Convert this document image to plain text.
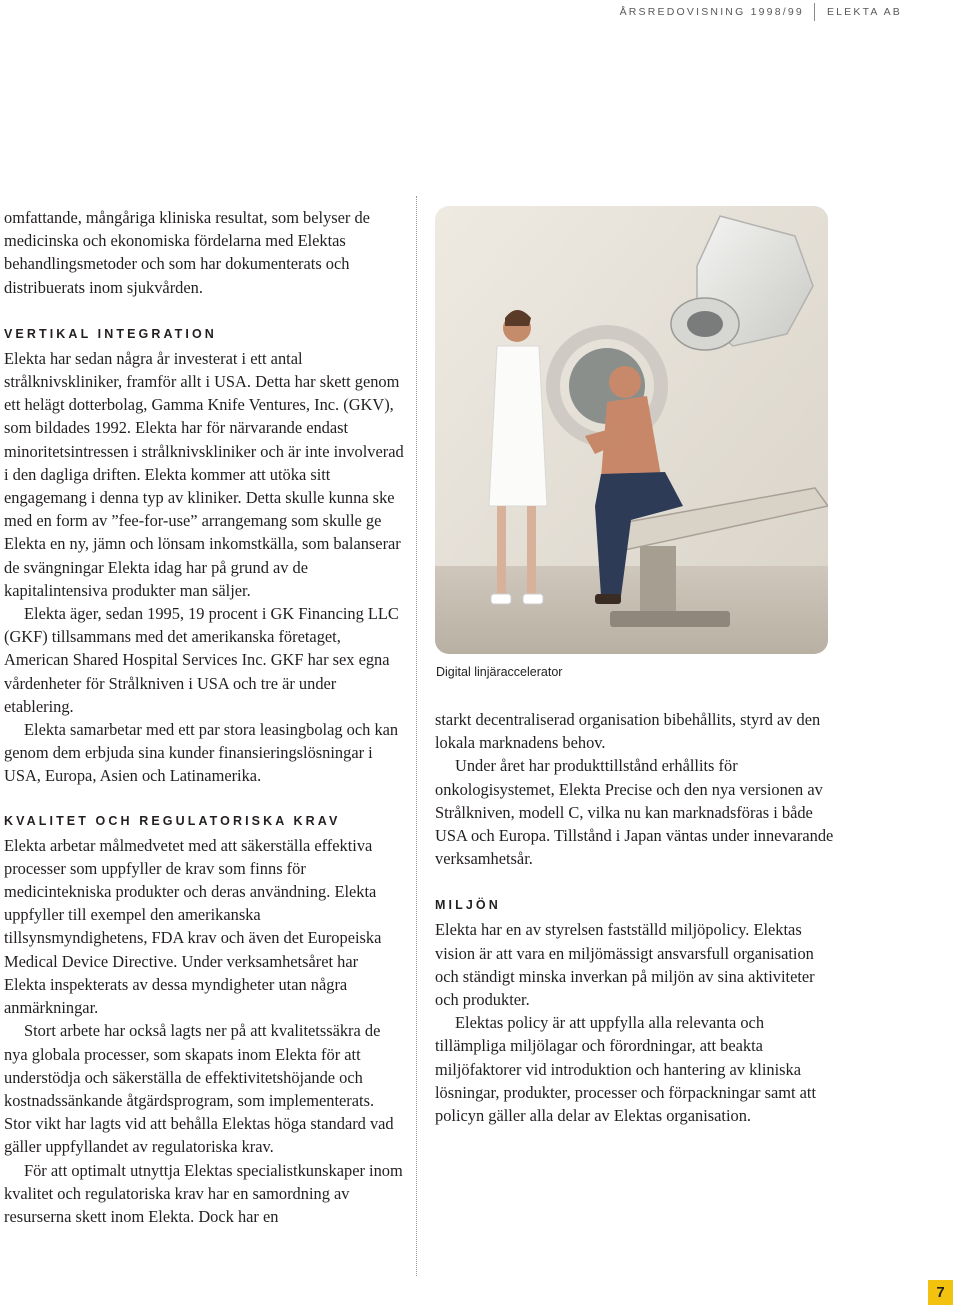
ÅRSREDOVISNING 1998/99 ELEKTA AB

omfattande, mångåriga kliniska resultat, som belyser de medicinska och ekonomiska fördelarna med Elektas behandlingsmetoder och som har dokumenterats och distribuerats inom sjukvården.

VERTIKAL INTEGRATION

Elekta har sedan några år investerat i ett antal strålknivskliniker, framför allt i USA. Detta har skett genom ett helägt dotterbolag, Gamma Knife Ventures, Inc. (GKV), som bildades 1992. Elekta har för närvarande endast minoritetsintressen i strålknivskliniker och är inte involverad i den dagliga driften. Elekta kommer att utöka sitt engagemang i denna typ av kliniker. Detta skulle kunna ske med en form av ”fee-for-use” arrangemang som skulle ge Elekta en ny, jämn och lönsam inkomstkälla, som balanserar de svängningar Elekta idag har på grund av de kapitalintensiva produkter man säljer.

Elekta äger, sedan 1995, 19 procent i GK Financing LLC (GKF) tillsammans med det amerikanska företaget, American Shared Hospital Services Inc. GKF har sex egna vårdenheter för Strålkniven i USA och tre är under etablering.

Elekta samarbetar med ett par stora leasingbolag och kan genom dem erbjuda sina kunder finansieringslösningar i USA, Europa, Asien och Latinamerika.

KVALITET OCH REGULATORISKA KRAV

Elekta arbetar målmedvetet med att säkerställa effektiva processer som uppfyller de krav som finns för medicintekniska produkter och deras användning. Elekta uppfyller till exempel den amerikanska tillsynsmyndighetens, FDA krav och även det Europeiska Medical Device Directive. Under verksamhetsåret har Elekta inspekterats av dessa myndigheter utan några anmärkningar.

Stort arbete har också lagts ner på att kvalitetssäkra de nya globala processer, som skapats inom Elekta för att understödja och säkerställa de effektivitetshöjande och kostnadssänkande åtgärdsprogram, som implementerats. Stor vikt har lagts vid att behålla Elektas höga standard vad gäller uppfyllandet av regulatoriska krav.

För att optimalt utnyttja Elektas specialistkunskaper inom kvalitet och regulatoriska krav har en samordning av resurserna skett inom Elekta. Dock har en

Digital linjäraccelerator

starkt decentraliserad organisation bibehållits, styrd av den lokala marknadens behov.

Under året har produkttillstånd erhållits för onkologisystemet, Elekta Precise och den nya versionen av Strålkniven, modell C, vilka nu kan marknadsföras i både USA och Europa. Tillstånd i Japan väntas under innevarande verksamhetsår.

MILJÖN

Elekta har en av styrelsen fastställd miljöpolicy. Elektas vision är att vara en miljömässigt ansvarsfull organisation och ständigt minska inverkan på miljön av sina aktiviteter och produkter.

Elektas policy är att uppfylla alla relevanta och tillämpliga miljölagar och förordningar, att beakta miljöfaktorer vid introduktion och hantering av kliniska lösningar, produkter, processer och förpackningar samt att policyn gäller alla delar av Elektas organisation.

7
